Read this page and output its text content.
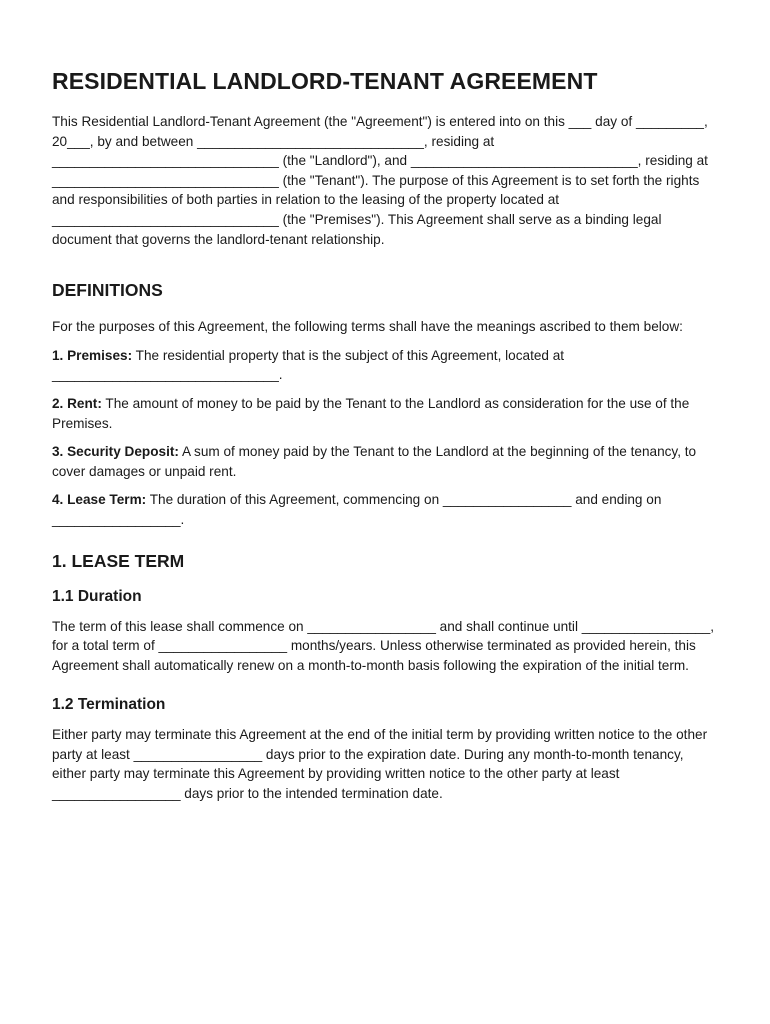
RESIDENTIAL LANDLORD-TENANT AGREEMENT

This Residential Landlord-Tenant Agreement (the "Agreement") is entered into on this ___ day of _________, 20___, by and between ______________________________, residing at ______________________________ (the "Landlord"), and ______________________________, residing at ______________________________ (the "Tenant"). The purpose of this Agreement is to set forth the rights and responsibilities of both parties in relation to the leasing of the property located at ______________________________ (the "Premises"). This Agreement shall serve as a binding legal document that governs the landlord-tenant relationship.

DEFINITIONS

For the purposes of this Agreement, the following terms shall have the meanings ascribed to them below:

1. Premises: The residential property that is the subject of this Agreement, located at ______________________________.

2. Rent: The amount of money to be paid by the Tenant to the Landlord as consideration for the use of the Premises.

3. Security Deposit: A sum of money paid by the Tenant to the Landlord at the beginning of the tenancy, to cover damages or unpaid rent.

4. Lease Term: The duration of this Agreement, commencing on _________________ and ending on _________________.

1. LEASE TERM
1.1 Duration

The term of this lease shall commence on _________________ and shall continue until _________________, for a total term of _________________ months/years. Unless otherwise terminated as provided herein, this Agreement shall automatically renew on a month-to-month basis following the expiration of the initial term.

1.2 Termination

Either party may terminate this Agreement at the end of the initial term by providing written notice to the other party at least _________________ days prior to the expiration date. During any month-to-month tenancy, either party may terminate this Agreement by providing written notice to the other party at least _________________ days prior to the intended termination date.
